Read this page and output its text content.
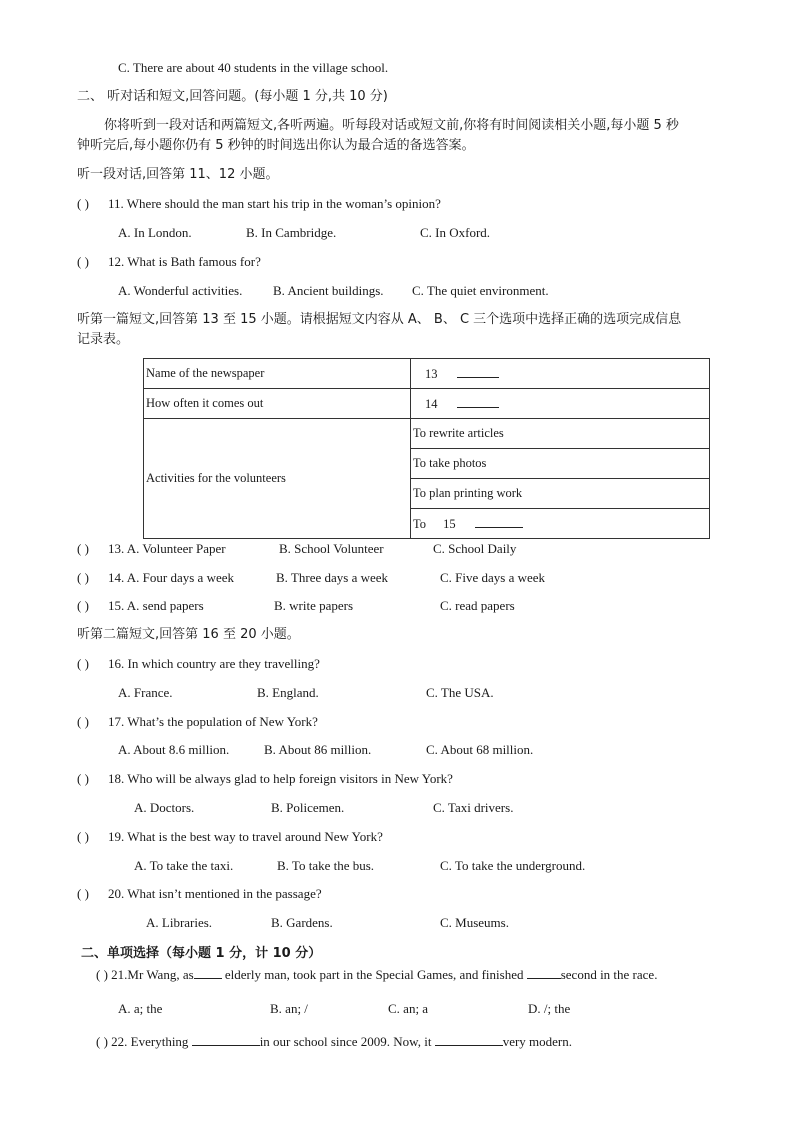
C. There are about 40 students in the village school.
二、 听对话和短文,回答问题。(每小题 1 分,共 10 分)
你将听到一段对话和两篇短文,各听两遍。听每段对话或短文前,你将有时间阅读相关小题,每小题 5 秒
钟听完后,每小题你仍有 5 秒钟的时间选出你认为最合适的备选答案。
听一段对话,回答第 11、12 小题。
( ) 11. Where should the man start his trip in the woman’s opinion?
A. In London.	B. In Cambridge.	C. In Oxford.
( ) 12. What is Bath famous for?
A. Wonderful activities. B. Ancient buildings. C. The quiet environment.
听第一篇短文,回答第 13 至 15 小题。请根据短文内容从 A、 B、 C 三个选项中选择正确的选项完成信息
记录表。
Name of the newspaper	13
How often it comes out	14
Activities for the volunteers	To rewrite articles
	To take photos
	To plan printing work
	To 15
( ) 13. A. Volunteer Paper	B. School Volunteer	C. School Daily
( ) 14. A. Four days a week	B. Three days a week	C. Five days a week
( ) 15. A. send papers	B. write papers	C. read papers
听第二篇短文,回答第 16 至 20 小题。
( ) 16. In which country are they travelling?
A. France.	B. England.	C. The USA.
( ) 17. What’s the population of New York?
A. About 8.6 million.	B. About 86 million.	C. About 68 million.
( ) 18. Who will be always glad to help foreign visitors in New York?
A. Doctors.	B. Policemen.	C. Taxi drivers.
( ) 19. What is the best way to travel around New York?
A. To take the taxi.	B. To take the bus.	C. To take the underground.
( ) 20. What isn’t mentioned in the passage?
A. Libraries.	B. Gardens.	C. Museums.
二、单项选择（每小题 1 分，计 10 分）
( ) 21.Mr Wang, as elderly man, took part in the Special Games, and finished	second in the race.
A. a; the	B. an; /	C. an; a	D. /; the
( ) 22. Everything	in our school since 2009. Now, it	very modern.
